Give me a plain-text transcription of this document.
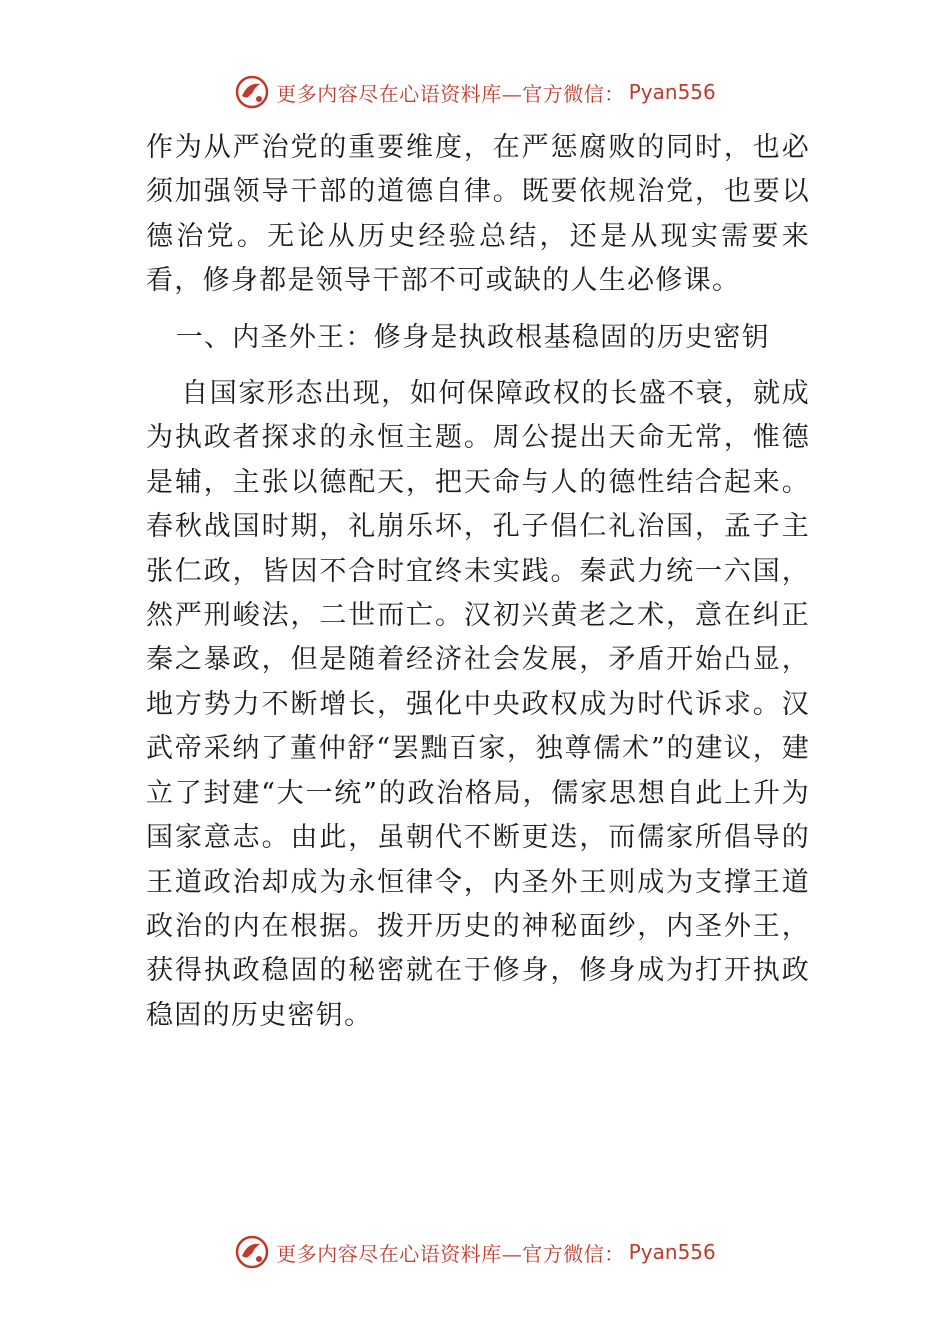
更多内容尽在心语资料库—官方微信： Pyan556

作为从严治党的重要维度，在严惩腐败的同时，也必须加强领导干部的道德自律。既要依规治党，也要以德治党。无论从历史经验总结，还是从现实需要来看，修身都是领导干部不可或缺的人生必修课。

一、内圣外王：修身是执政根基稳固的历史密钥

自国家形态出现，如何保障政权的长盛不衰，就成为执政者探求的永恒主题。周公提出天命无常，惟德是辅，主张以德配天，把天命与人的德性结合起来。春秋战国时期，礼崩乐坏，孔子倡仁礼治国，孟子主张仁政，皆因不合时宜终未实践。秦武力统一六国，然严刑峻法，二世而亡。汉初兴黄老之术，意在纠正秦之暴政，但是随着经济社会发展，矛盾开始凸显，地方势力不断增长，强化中央政权成为时代诉求。汉武帝采纳了董仲舒“罢黜百家，独尊儒术”的建议，建立了封建“大一统”的政治格局，儒家思想自此上升为国家意志。由此，虽朝代不断更迭，而儒家所倡导的王道政治却成为永恒律令，内圣外王则成为支撑王道政治的内在根据。拨开历史的神秘面纱，内圣外王，获得执政稳固的秘密就在于修身，修身成为打开执政稳固的历史密钥。

更多内容尽在心语资料库—官方微信： Pyan556
